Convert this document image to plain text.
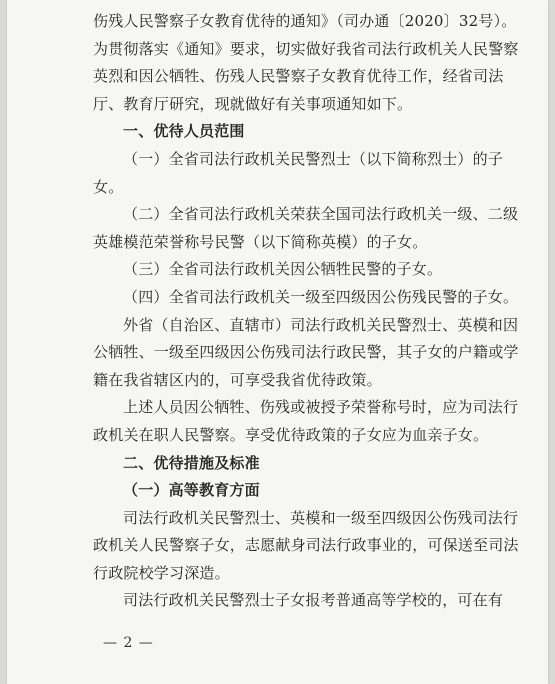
伤残人民警察子女教育优待的通知》（司办通〔2020〕32号）。

为贯彻落实《通知》要求，切实做好我省司法行政机关人民警察英烈和因公牺牲、伤残人民警察子女教育优待工作，经省司法厅、教育厅研究，现就做好有关事项通知如下。

一、优待人员范围

（一）全省司法行政机关民警烈士（以下简称烈士）的子女。

（二）全省司法行政机关荣获全国司法行政机关一级、二级英雄模范荣誉称号民警（以下简称英模）的子女。

（三）全省司法行政机关因公牺牲民警的子女。

（四）全省司法行政机关一级至四级因公伤残民警的子女。

外省（自治区、直辖市）司法行政机关民警烈士、英模和因公牺牲、一级至四级因公伤残司法行政民警，其子女的户籍或学籍在我省辖区内的，可享受我省优待政策。

上述人员因公牺牲、伤残或被授予荣誉称号时，应为司法行政机关在职人民警察。享受优待政策的子女应为血亲子女。

二、优待措施及标准

（一）高等教育方面

司法行政机关民警烈士、英模和一级至四级因公伤残司法行政机关人民警察子女，志愿献身司法行政事业的，可保送至司法行政院校学习深造。

司法行政机关民警烈士子女报考普通高等学校的，可在有

— 2 —
